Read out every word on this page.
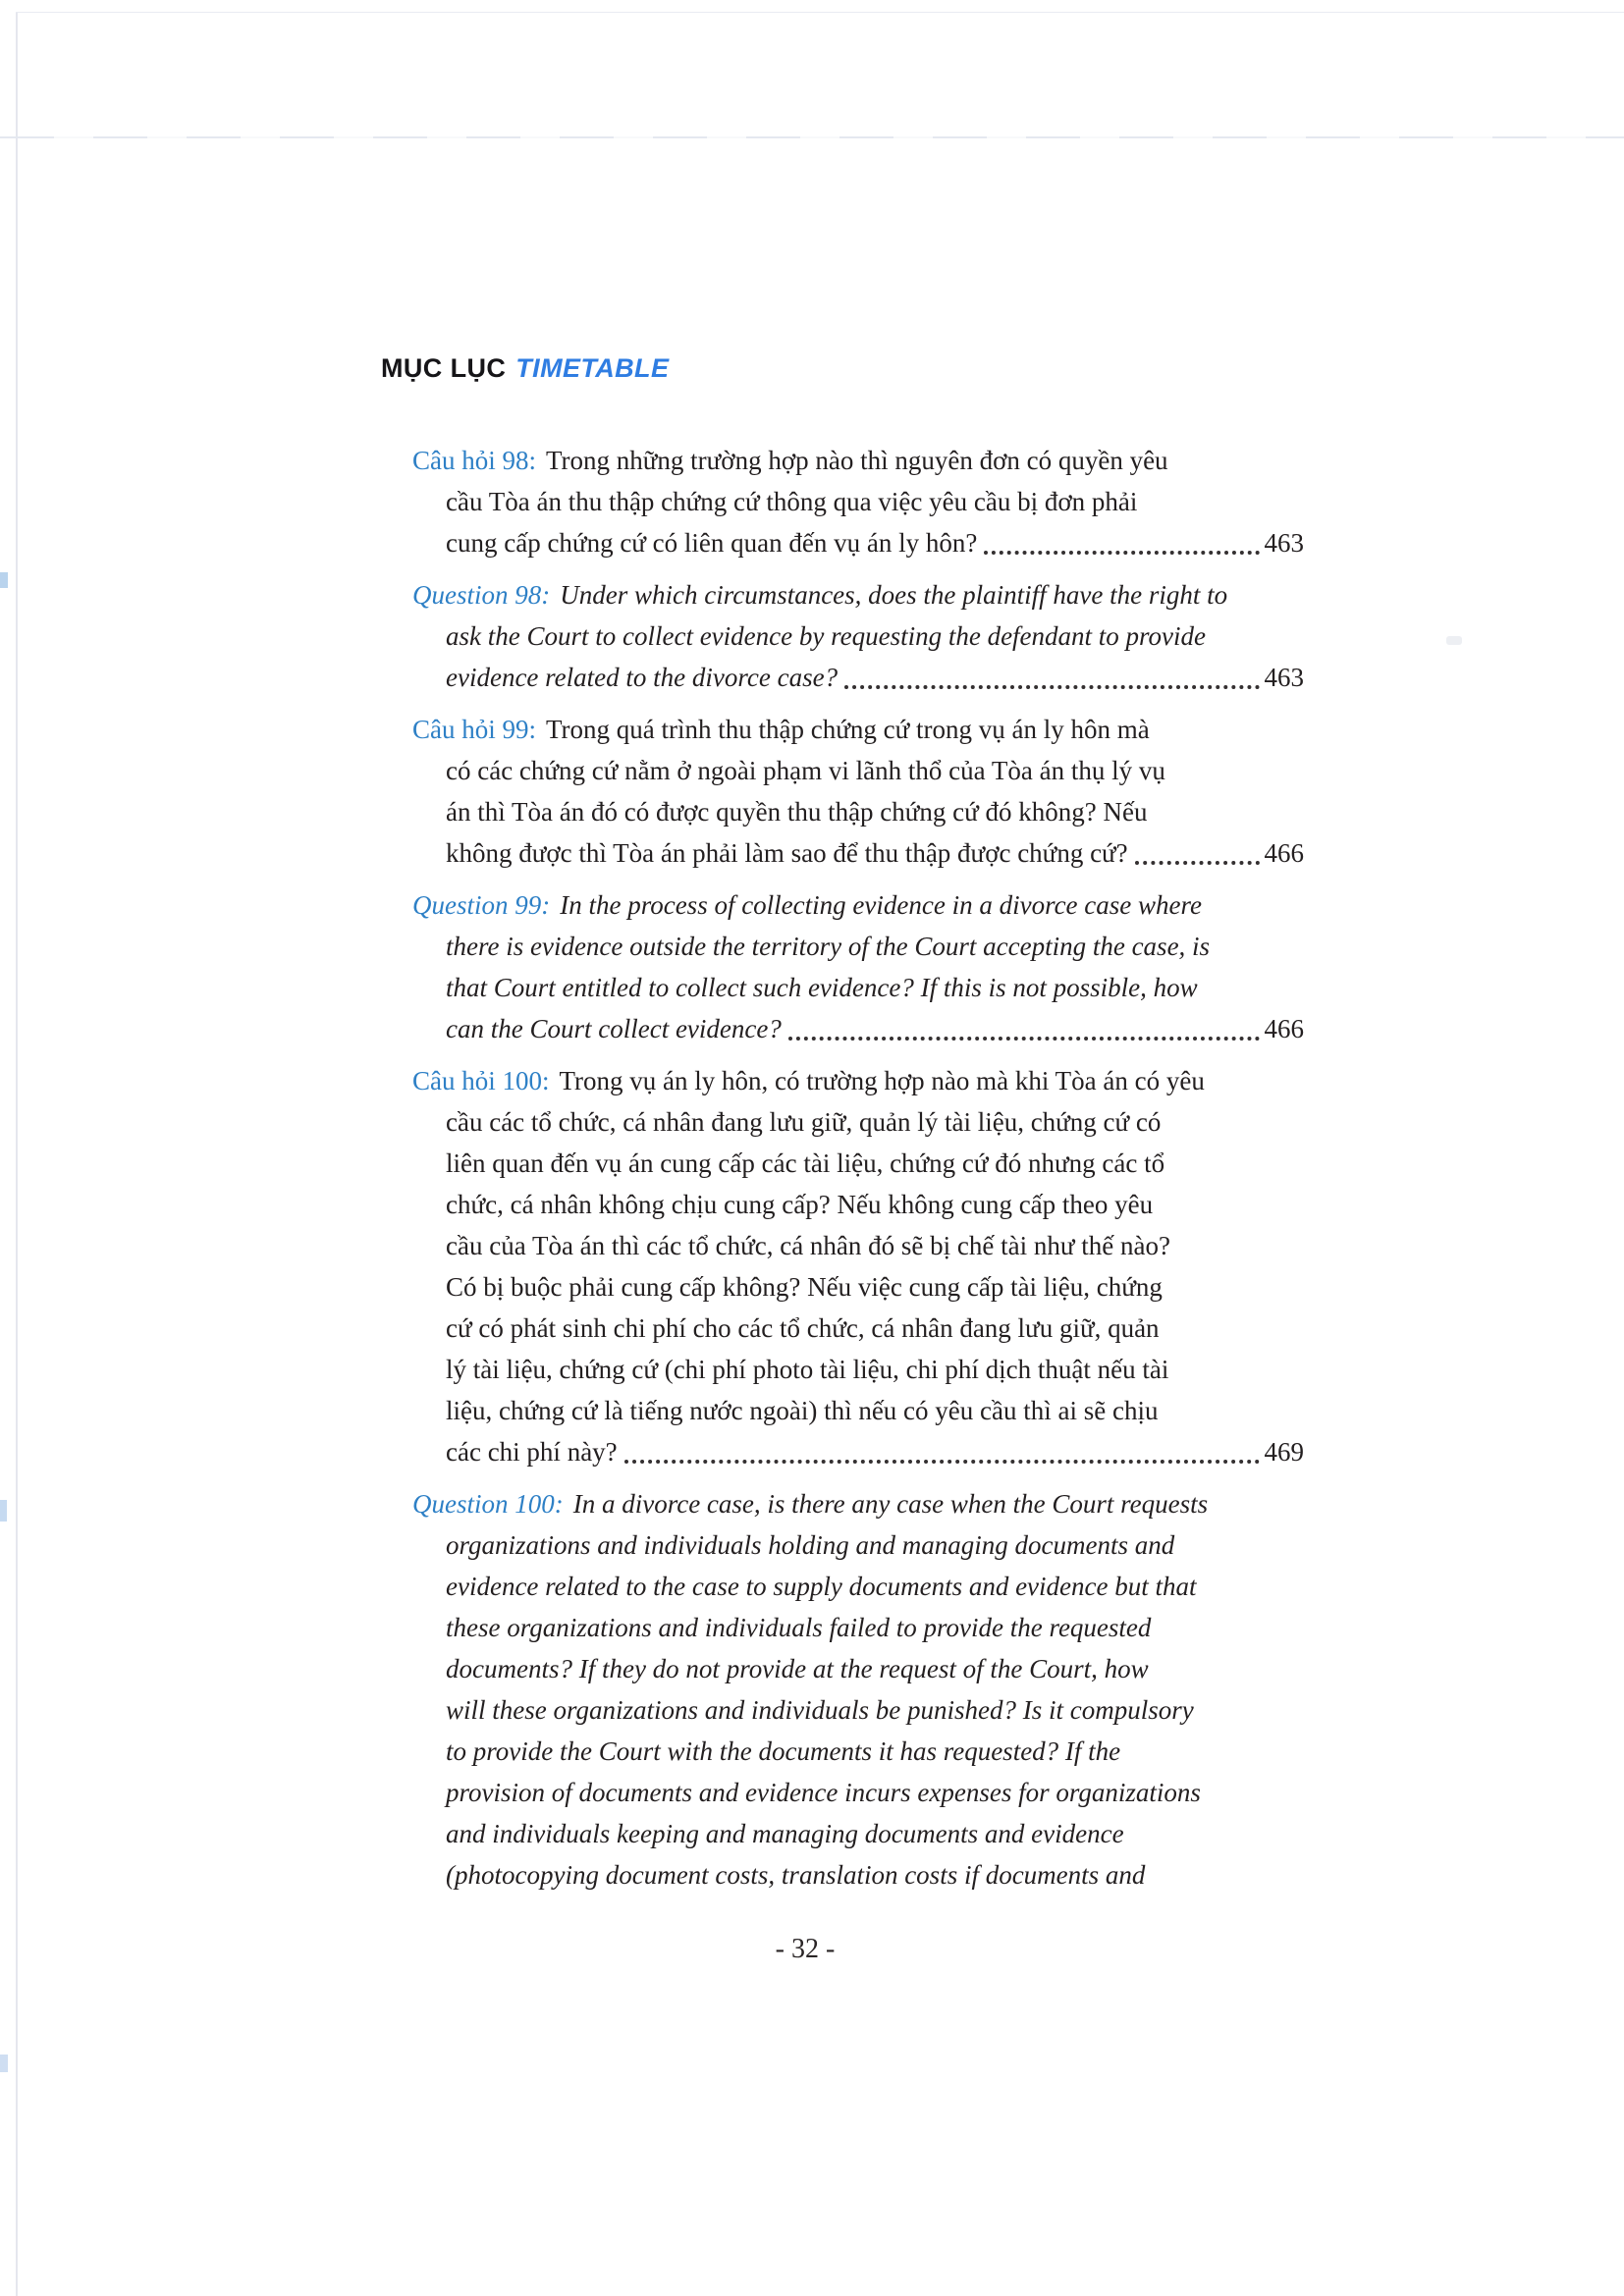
MỤC LỤC TIMETABLE
Câu hỏi 98: Trong những trường hợp nào thì nguyên đơn có quyền yêu
cầu Tòa án thu thập chứng cứ thông qua việc yêu cầu bị đơn phải
cung cấp chứng cứ có liên quan đến vụ án ly hôn?	463
Question 98: Under which circumstances, does the plaintiff have the right to
ask the Court to collect evidence by requesting the defendant to provide
evidence related to the divorce case?	463
Câu hỏi 99: Trong quá trình thu thập chứng cứ trong vụ án ly hôn mà
có các chứng cứ nằm ở ngoài phạm vi lãnh thổ của Tòa án thụ lý vụ
án thì Tòa án đó có được quyền thu thập chứng cứ đó không? Nếu
không được thì Tòa án phải làm sao để thu thập được chứng cứ?	466
Question 99: In the process of collecting evidence in a divorce case where
there is evidence outside the territory of the Court accepting the case, is
that Court entitled to collect such evidence? If this is not possible, how
can the Court collect evidence?	466
Câu hỏi 100: Trong vụ án ly hôn, có trường hợp nào mà khi Tòa án có yêu
cầu các tổ chức, cá nhân đang lưu giữ, quản lý tài liệu, chứng cứ có
liên quan đến vụ án cung cấp các tài liệu, chứng cứ đó nhưng các tổ
chức, cá nhân không chịu cung cấp? Nếu không cung cấp theo yêu
cầu của Tòa án thì các tổ chức, cá nhân đó sẽ bị chế tài như thế nào?
Có bị buộc phải cung cấp không? Nếu việc cung cấp tài liệu, chứng
cứ có phát sinh chi phí cho các tổ chức, cá nhân đang lưu giữ, quản
lý tài liệu, chứng cứ (chi phí photo tài liệu, chi phí dịch thuật nếu tài
liệu, chứng cứ là tiếng nước ngoài) thì nếu có yêu cầu thì ai sẽ chịu
các chi phí này?	469
Question 100: In a divorce case, is there any case when the Court requests
organizations and individuals holding and managing documents and
evidence related to the case to supply documents and evidence but that
these organizations and individuals failed to provide the requested
documents? If they do not provide at the request of the Court, how
will these organizations and individuals be punished? Is it compulsory
to provide the Court with the documents it has requested? If the
provision of documents and evidence incurs expenses for organizations
and individuals keeping and managing documents and evidence
(photocopying document costs, translation costs if documents and
- 32 -
